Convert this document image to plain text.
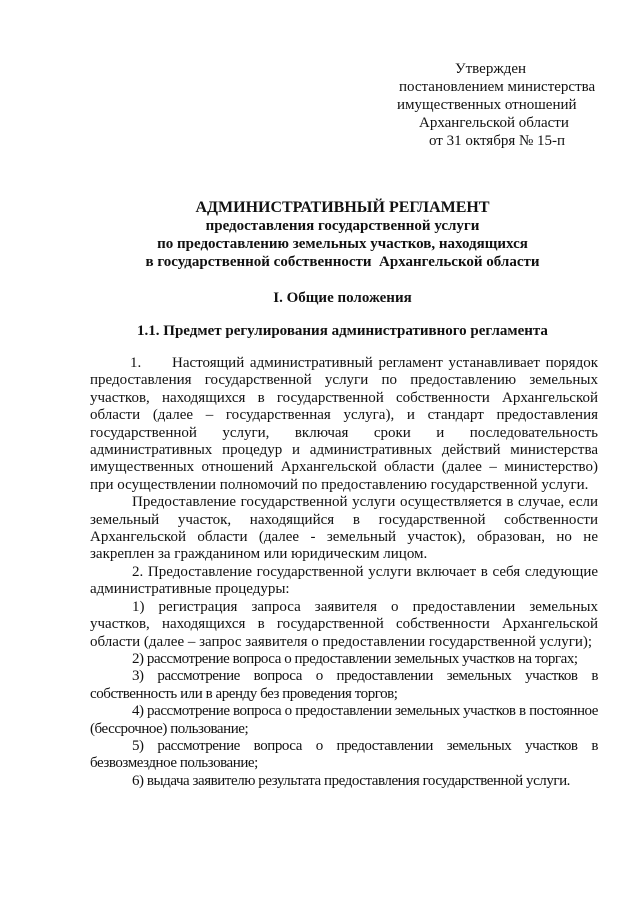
Утвержден
постановлением министерства
имущественных отношений
Архангельской области
от 31 октября № 15-п
АДМИНИСТРАТИВНЫЙ РЕГЛАМЕНТ
предоставления государственной услуги
по предоставлению земельных участков, находящихся
в государственной собственности  Архангельской области
I. Общие положения
1.1. Предмет регулирования административного регламента

1. Настоящий административный регламент устанавливает порядок предоставления государственной услуги по предоставлению земельных участков, находящихся в государственной собственности Архангельской области (далее – государственная услуга), и стандарт предоставления государственной услуги, включая сроки и последовательность административных процедур и административных действий министерства имущественных отношений Архангельской области (далее – министерство) при осуществлении полномочий по предоставлению государственной услуги.

Предоставление государственной услуги осуществляется в случае, если земельный участок, находящийся в государственной собственности Архангельской области (далее - земельный участок), образован, но не закреплен за гражданином или юридическим лицом.

2. Предоставление государственной услуги включает в себя следующие административные процедуры:

1) регистрация запроса заявителя о предоставлении земельных участков, находящихся в государственной собственности Архангельской области (далее – запрос заявителя о предоставлении государственной услуги);

2) рассмотрение вопроса о предоставлении земельных участков на торгах;

3) рассмотрение вопроса о предоставлении земельных участков в собственность или в аренду без проведения торгов;

4) рассмотрение вопроса о предоставлении земельных участков в постоянное (бессрочное) пользование;

5) рассмотрение вопроса о предоставлении земельных участков в безвозмездное пользование;

6) выдача заявителю результата предоставления государственной услуги.
